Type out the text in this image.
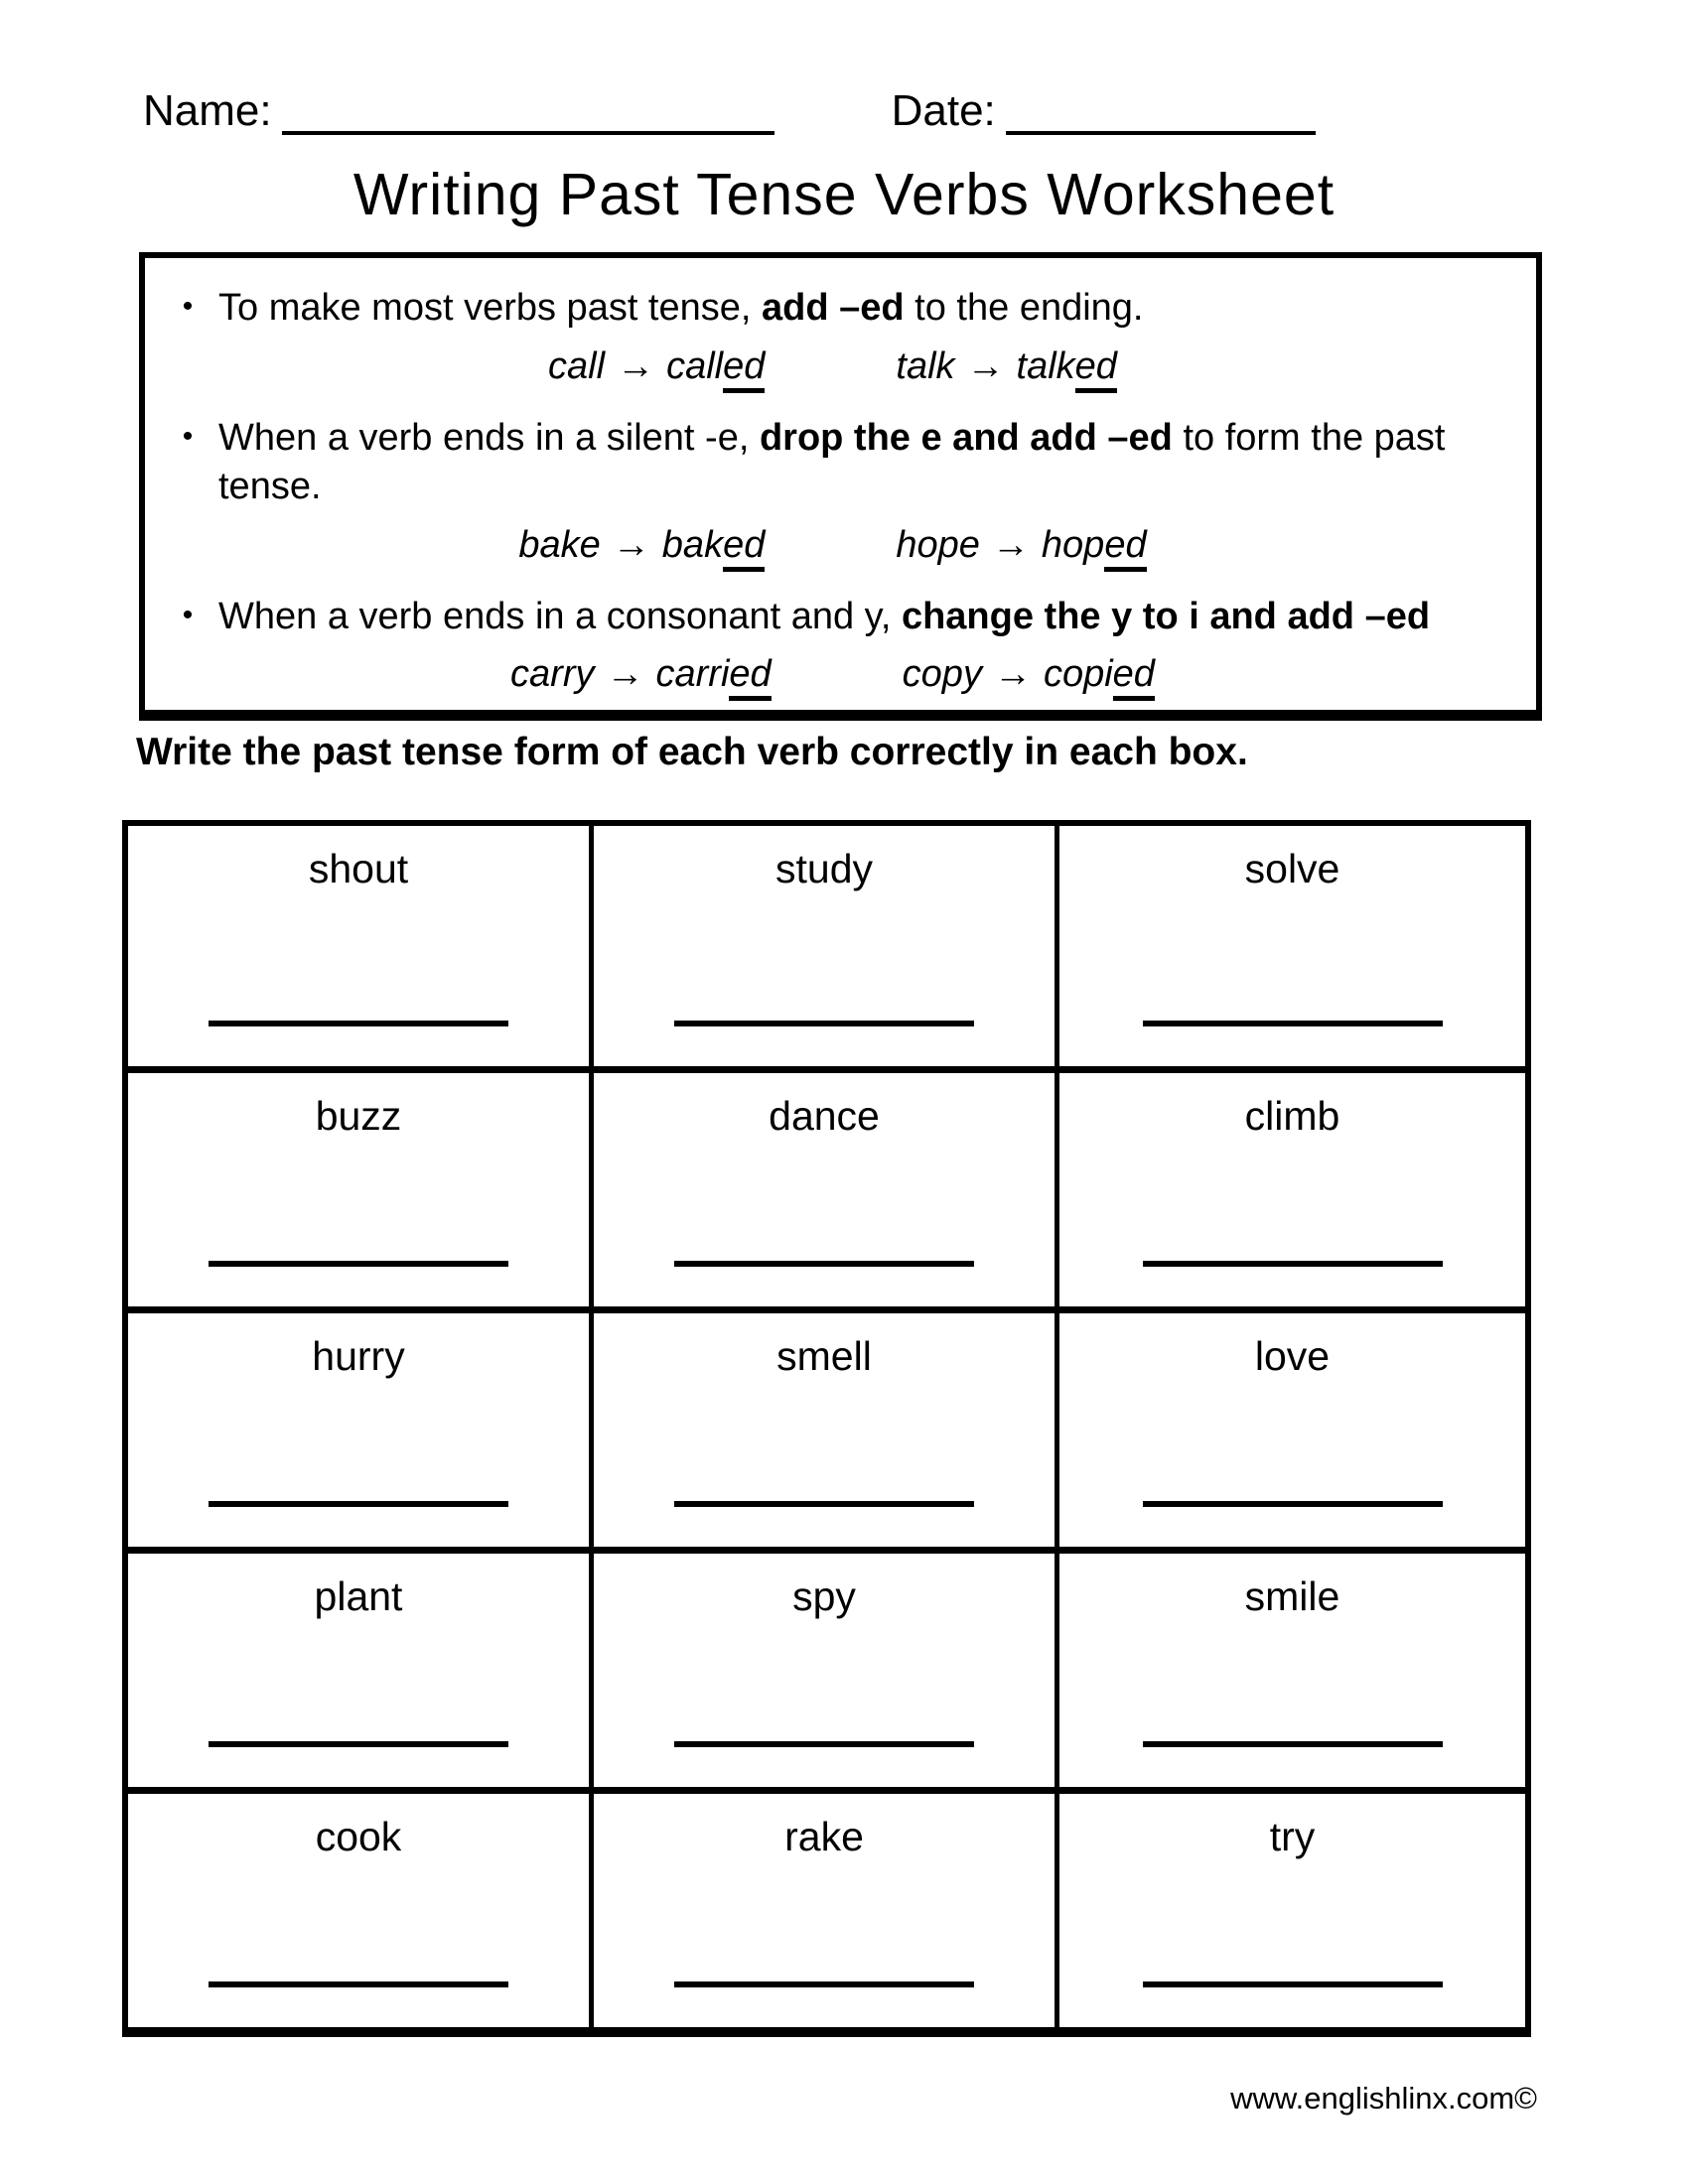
Name:	Date:
Writing Past Tense Verbs Worksheet
•
To make most verbs past tense, add –ed to the ending.
call → called	talk → talked
•
When a verb ends in a silent -e, drop the e and add –ed to form the past tense.
bake → baked	hope → hoped
•
When a verb ends in a consonant and y, change the y to i and add –ed
carry → carried	copy → copied
Write the past tense form of each verb correctly in each box.
shout	study	solve
buzz	dance	climb
hurry	smell	love
plant	spy	smile
cook	rake	try
www.englishlinx.com©
